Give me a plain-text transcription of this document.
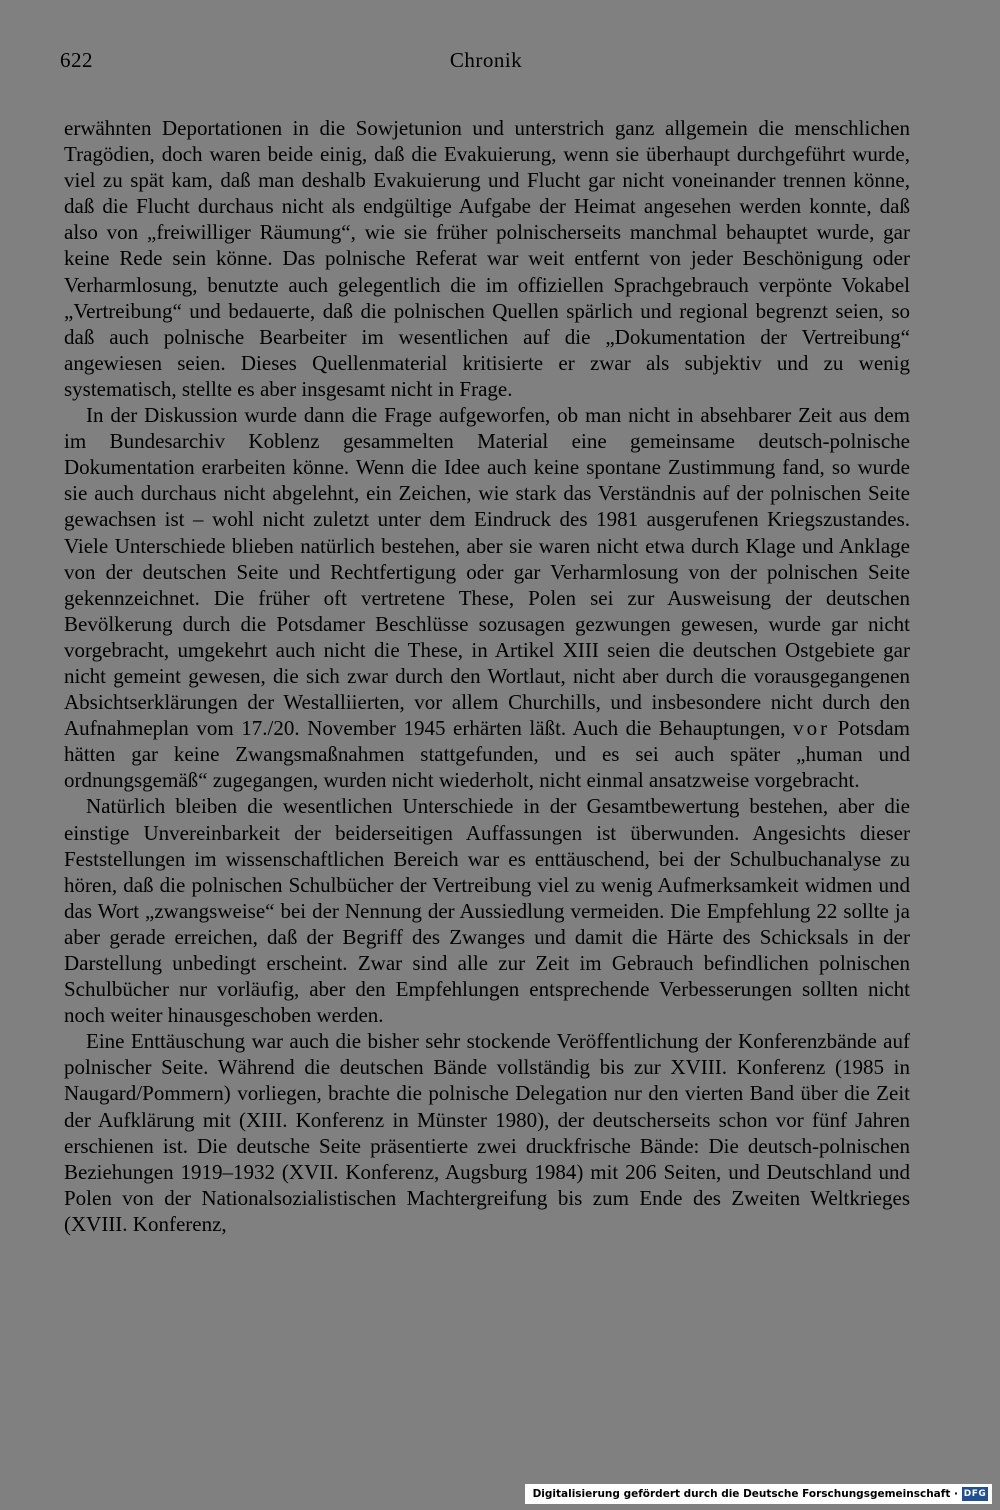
622	Chronik

erwähnten Deportationen in die Sowjetunion und unterstrich ganz allgemein die menschlichen Tragödien, doch waren beide einig, daß die Evakuierung, wenn sie überhaupt durchgeführt wurde, viel zu spät kam, daß man deshalb Evakuierung und Flucht gar nicht voneinander trennen könne, daß die Flucht durchaus nicht als endgültige Aufgabe der Heimat angesehen werden konnte, daß also von „freiwilliger Räumung“, wie sie früher polnischerseits manchmal behauptet wurde, gar keine Rede sein könne. Das polnische Referat war weit entfernt von jeder Beschönigung oder Verharmlosung, benutzte auch gelegentlich die im offiziellen Sprachgebrauch verpönte Vokabel „Vertreibung“ und bedauerte, daß die polnischen Quellen spärlich und regional begrenzt seien, so daß auch polnische Bearbeiter im wesentlichen auf die „Dokumentation der Vertreibung“ angewiesen seien. Dieses Quellenmaterial kritisierte er zwar als subjektiv und zu wenig systematisch, stellte es aber insgesamt nicht in Frage.

In der Diskussion wurde dann die Frage aufgeworfen, ob man nicht in absehbarer Zeit aus dem im Bundesarchiv Koblenz gesammelten Material eine gemeinsame deutsch-polnische Dokumentation erarbeiten könne. Wenn die Idee auch keine spontane Zustimmung fand, so wurde sie auch durchaus nicht abgelehnt, ein Zeichen, wie stark das Verständnis auf der polnischen Seite gewachsen ist – wohl nicht zuletzt unter dem Eindruck des 1981 ausgerufenen Kriegszustandes. Viele Unterschiede blieben natürlich bestehen, aber sie waren nicht etwa durch Klage und Anklage von der deutschen Seite und Rechtfertigung oder gar Verharmlosung von der polnischen Seite gekennzeichnet. Die früher oft vertretene These, Polen sei zur Ausweisung der deutschen Bevölkerung durch die Potsdamer Beschlüsse sozusagen gezwungen gewesen, wurde gar nicht vorgebracht, umgekehrt auch nicht die These, in Artikel XIII seien die deutschen Ostgebiete gar nicht gemeint gewesen, die sich zwar durch den Wortlaut, nicht aber durch die vorausgegangenen Absichtserklärungen der Westalliierten, vor allem Churchills, und insbesondere nicht durch den Aufnahmeplan vom 17./20. November 1945 erhärten läßt. Auch die Behauptungen, vor Potsdam hätten gar keine Zwangsmaßnahmen stattgefunden, und es sei auch später „human und ordnungsgemäß“ zugegangen, wurden nicht wiederholt, nicht einmal ansatzweise vorgebracht.

Natürlich bleiben die wesentlichen Unterschiede in der Gesamtbewertung bestehen, aber die einstige Unvereinbarkeit der beiderseitigen Auffassungen ist überwunden. Angesichts dieser Feststellungen im wissenschaftlichen Bereich war es enttäuschend, bei der Schulbuchanalyse zu hören, daß die polnischen Schulbücher der Vertreibung viel zu wenig Aufmerksamkeit widmen und das Wort „zwangsweise“ bei der Nennung der Aussiedlung vermeiden. Die Empfehlung 22 sollte ja aber gerade erreichen, daß der Begriff des Zwanges und damit die Härte des Schicksals in der Darstellung unbedingt erscheint. Zwar sind alle zur Zeit im Gebrauch befindlichen polnischen Schulbücher nur vorläufig, aber den Empfehlungen entsprechende Verbesserungen sollten nicht noch weiter hinausgeschoben werden.

Eine Enttäuschung war auch die bisher sehr stockende Veröffentlichung der Konferenzbände auf polnischer Seite. Während die deutschen Bände vollständig bis zur XVIII. Konferenz (1985 in Naugard/Pommern) vorliegen, brachte die polnische Delegation nur den vierten Band über die Zeit der Aufklärung mit (XIII. Konferenz in Münster 1980), der deutscherseits schon vor fünf Jahren erschienen ist. Die deutsche Seite präsentierte zwei druckfrische Bände: Die deutsch-polnischen Beziehungen 1919–1932 (XVII. Konferenz, Augsburg 1984) mit 206 Seiten, und Deutschland und Polen von der Nationalsozialistischen Machtergreifung bis zum Ende des Zweiten Weltkrieges (XVIII. Konferenz,

Digitalisierung gefördert durch die Deutsche Forschungsgemeinschaft · DFG
